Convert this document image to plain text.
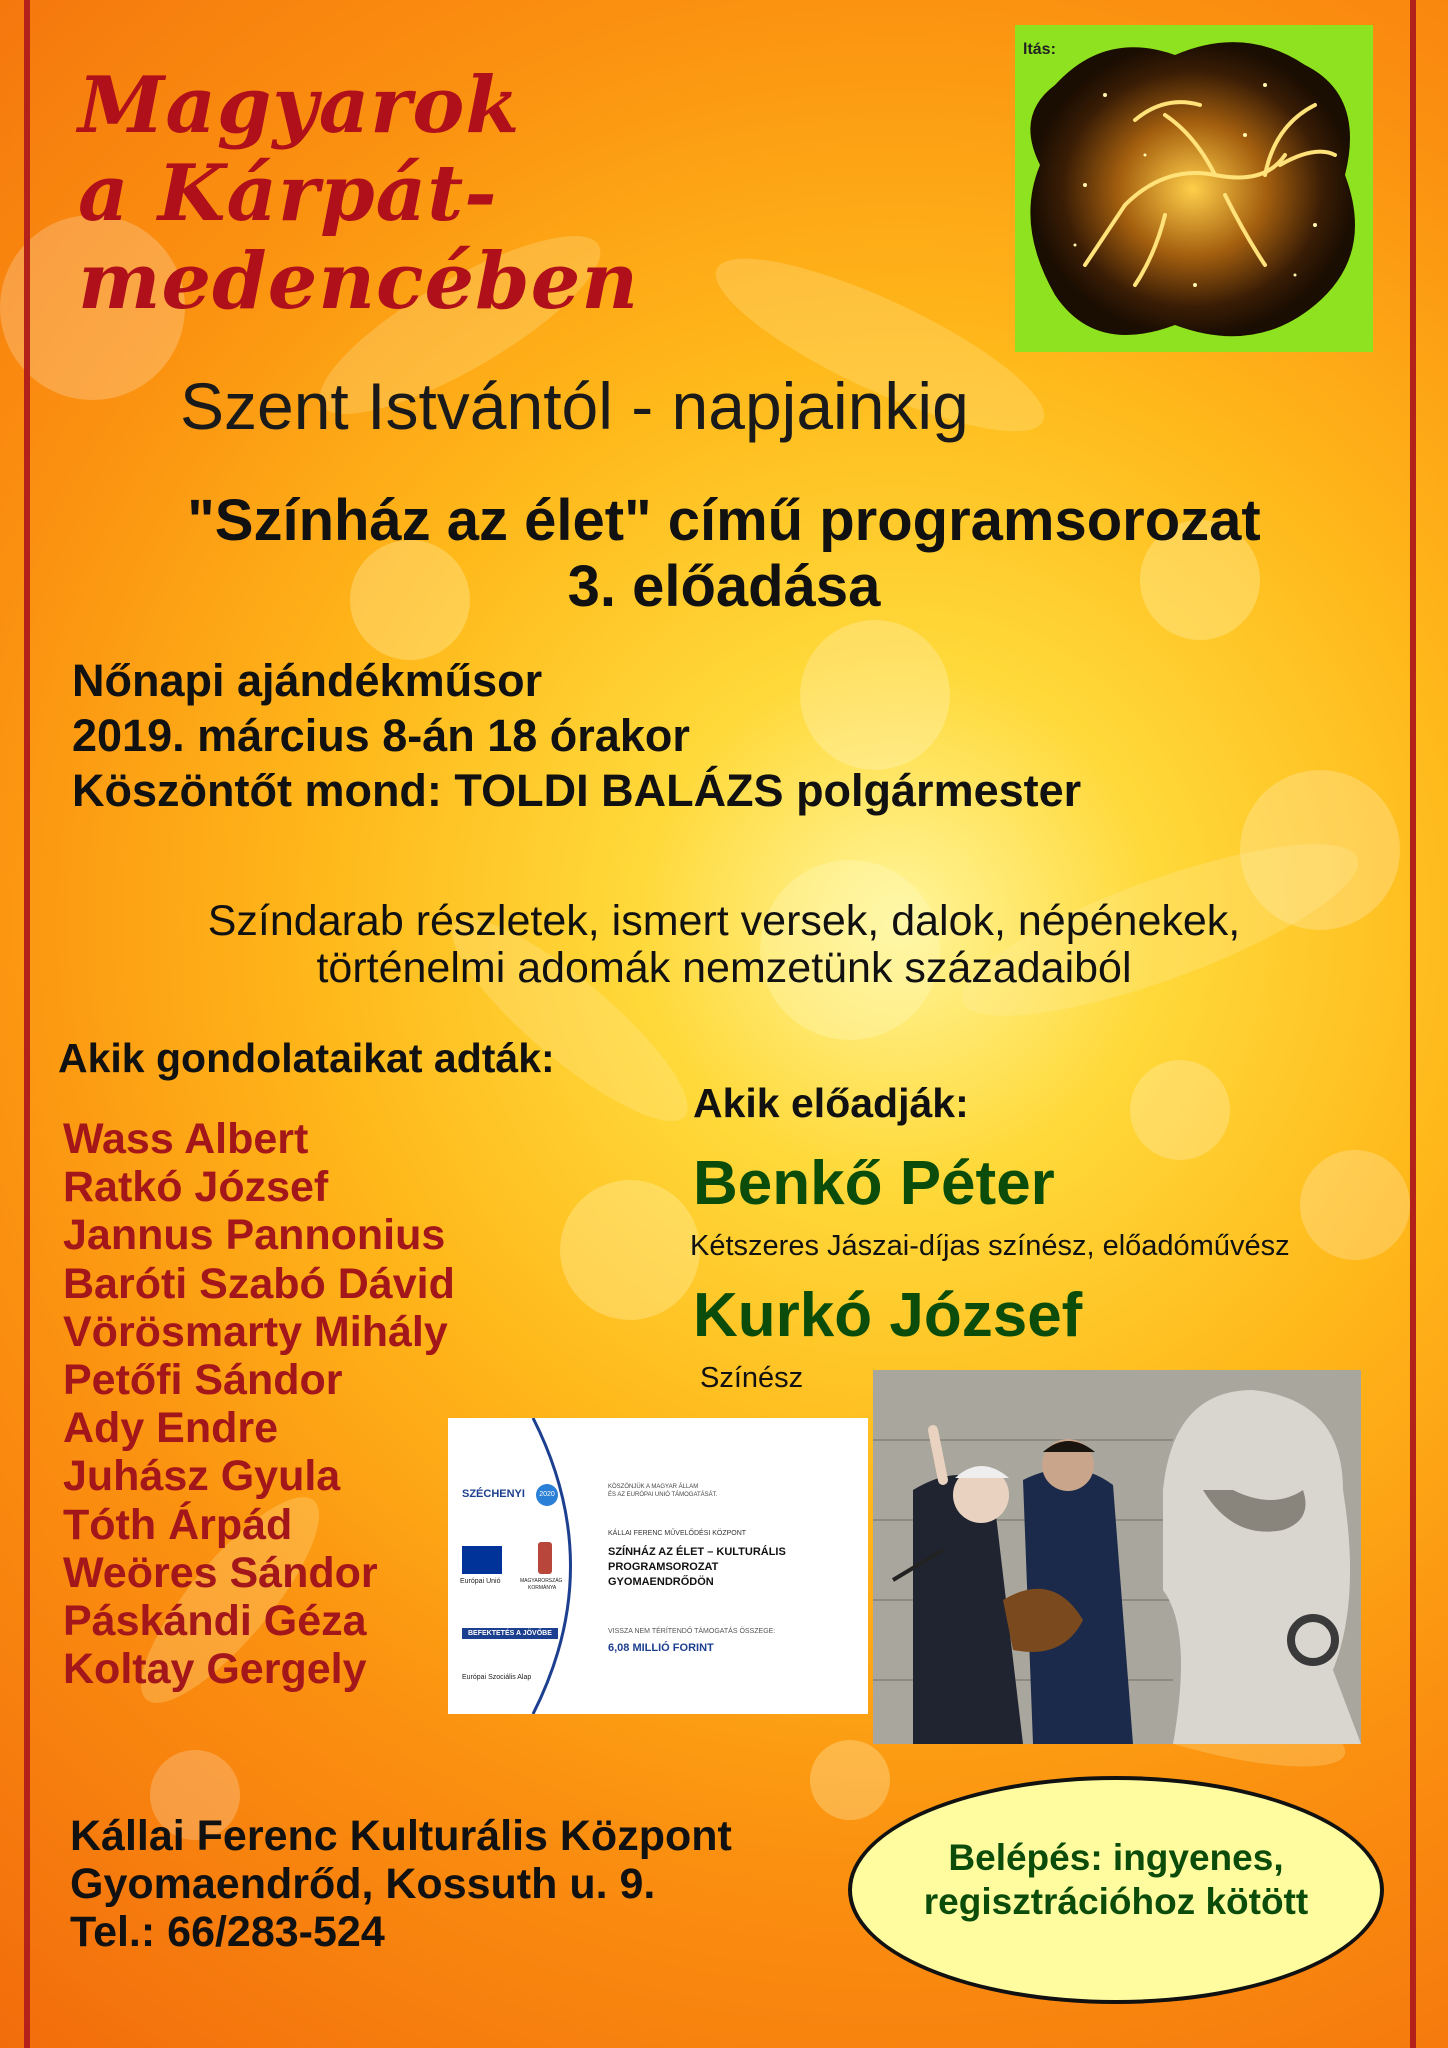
Magyarok
a Kárpát-medencében
ltás:
Szent Istvántól - napjainkig
"Színház az élet" című programsorozat
3. előadása
Nőnapi ajándékműsor
2019. március 8-án 18 órakor
Köszöntőt mond: TOLDI BALÁZS polgármester
Színdarab részletek, ismert versek, dalok, népénekek,
történelmi adomák nemzetünk századaiból
Akik gondolataikat adták:
Wass Albert
Ratkó József
Jannus Pannonius
Baróti Szabó Dávid
Vörösmarty Mihály
Petőfi Sándor
Ady Endre
Juhász Gyula
Tóth Árpád
Weöres Sándor
Páskándi Géza
Koltay Gergely
Akik előadják:
Benkő Péter
Kétszeres Jászai-díjas színész, előadóművész
Kurkó József
Színész
SZÉCHENYI	2020
Európai Unió	MAGYARORSZÁG
KORMÁNYA
BEFEKTETÉS A JÖVŐBE
Európai Szociális Alap
KÖSZÖNJÜK A MAGYAR ÁLLAM
ÉS AZ EURÓPAI UNIÓ TÁMOGATÁSÁT.
KÁLLAI FERENC MŰVELŐDÉSI KÖZPONT
SZÍNHÁZ AZ ÉLET – KULTURÁLIS
PROGRAMSOROZAT
GYOMAENDRŐDÖN
VISSZA NEM TÉRÍTENDŐ TÁMOGATÁS ÖSSZEGE:
6,08 MILLIÓ FORINT
Kállai Ferenc Kulturális Központ
Gyomaendrőd, Kossuth u. 9.
Tel.: 66/283-524
Belépés: ingyenes,
regisztrációhoz kötött
